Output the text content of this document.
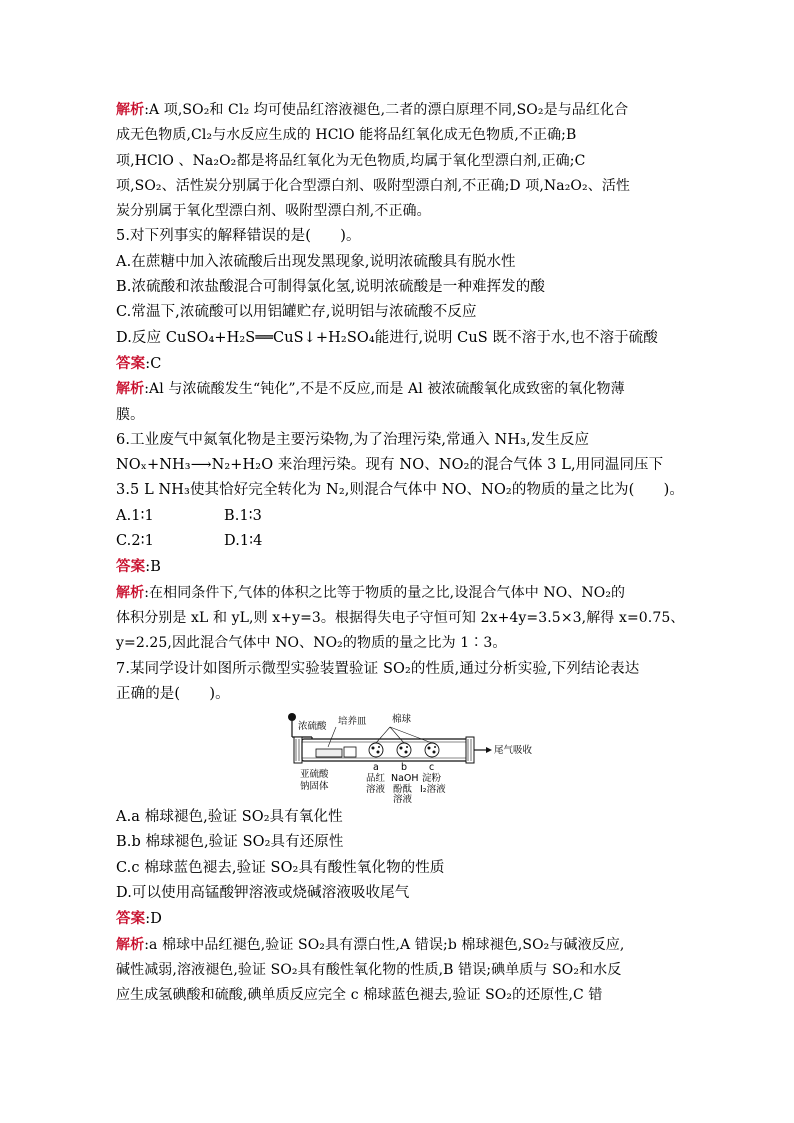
解析:A 项,SO₂和 Cl₂ 均可使品红溶液褪色,二者的漂白原理不同,SO₂是与品红化合
成无色物质,Cl₂与水反应生成的 HClO 能将品红氧化成无色物质,不正确;B
项,HClO 、Na₂O₂都是将品红氧化为无色物质,均属于氧化型漂白剂,正确;C
项,SO₂、活性炭分别属于化合型漂白剂、吸附型漂白剂,不正确;D 项,Na₂O₂、活性
炭分别属于氧化型漂白剂、吸附型漂白剂,不正确。
5.对下列事实的解释错误的是(　　)。
A.在蔗糖中加入浓硫酸后出现发黑现象,说明浓硫酸具有脱水性
B.浓硫酸和浓盐酸混合可制得氯化氢,说明浓硫酸是一种难挥发的酸
C.常温下,浓硫酸可以用铝罐贮存,说明铝与浓硫酸不反应
D.反应 CuSO₄+H₂S══CuS↓+H₂SO₄能进行,说明 CuS 既不溶于水,也不溶于硫酸
答案:C
解析:Al 与浓硫酸发生“钝化”,不是不反应,而是 Al 被浓硫酸氧化成致密的氧化物薄
膜。
6.工业废气中氮氧化物是主要污染物,为了治理污染,常通入 NH₃,发生反应
NOₓ+NH₃⟶N₂+H₂O 来治理污染。现有 NO、NO₂的混合气体 3 L,用同温同压下
3.5 L NH₃使其恰好完全转化为 N₂,则混合气体中 NO、NO₂的物质的量之比为(　　)。
A.1∶1	B.1∶3
C.2∶1	D.1∶4
答案:B
解析:在相同条件下,气体的体积之比等于物质的量之比,设混合气体中 NO、NO₂的
体积分别是 xL 和 yL,则 x+y=3。根据得失电子守恒可知 2x+4y=3.5×3,解得 x=0.75、
y=2.25,因此混合气体中 NO、NO₂的物质的量之比为 1∶3。
7.某同学设计如图所示微型实验装置验证 SO₂的性质,通过分析实验,下列结论表达
正确的是(　　)。
浓硫酸 培养皿	棉球
尾气吸收
亚硫酸
钠固体
a b c
品红
溶液
NaOH
酚酞
溶液
淀粉
I₂溶液
A.a 棉球褪色,验证 SO₂具有氧化性
B.b 棉球褪色,验证 SO₂具有还原性
C.c 棉球蓝色褪去,验证 SO₂具有酸性氧化物的性质
D.可以使用高锰酸钾溶液或烧碱溶液吸收尾气
答案:D
解析:a 棉球中品红褪色,验证 SO₂具有漂白性,A 错误;b 棉球褪色,SO₂与碱液反应,
碱性减弱,溶液褪色,验证 SO₂具有酸性氧化物的性质,B 错误;碘单质与 SO₂和水反
应生成氢碘酸和硫酸,碘单质反应完全 c 棉球蓝色褪去,验证 SO₂的还原性,C 错
